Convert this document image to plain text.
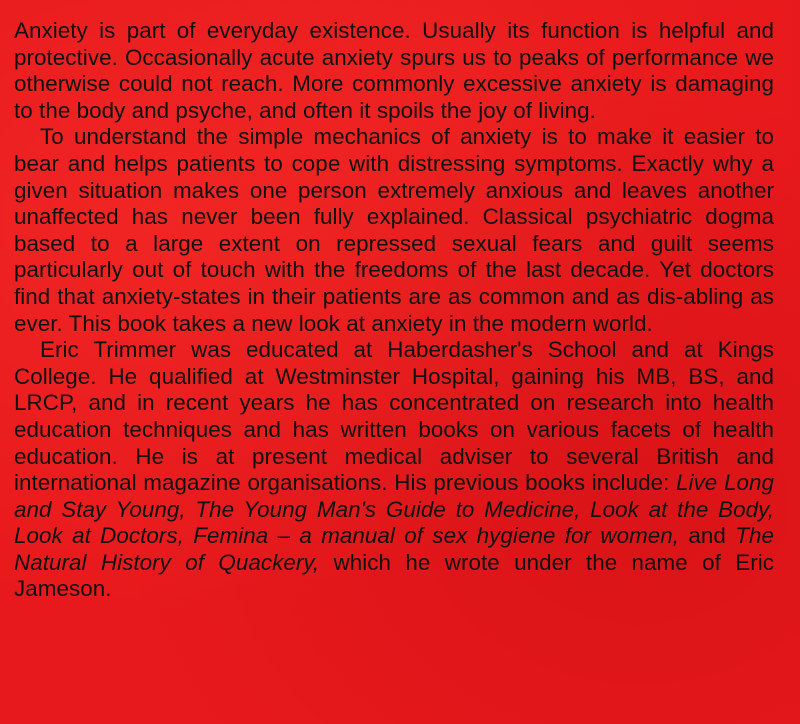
Anxiety is part of everyday existence. Usually its function is helpful and protective. Occasionally acute anxiety spurs us to peaks of performance we otherwise could not reach. More commonly excessive anxiety is damaging to the body and psyche, and often it spoils the joy of living.

To understand the simple mechanics of anxiety is to make it easier to bear and helps patients to cope with distressing symptoms. Exactly why a given situation makes one person extremely anxious and leaves another unaffected has never been fully explained. Classical psychiatric dogma based to a large extent on repressed sexual fears and guilt seems particularly out of touch with the freedoms of the last decade. Yet doctors find that anxiety-states in their patients are as common and as dis-abling as ever. This book takes a new look at anxiety in the modern world.

Eric Trimmer was educated at Haberdasher's School and at Kings College. He qualified at Westminster Hospital, gaining his MB, BS, and LRCP, and in recent years he has concentrated on research into health education techniques and has written books on various facets of health education. He is at present medical adviser to several British and international magazine organisations. His previous books include: Live Long and Stay Young, The Young Man's Guide to Medicine, Look at the Body, Look at Doctors, Femina – a manual of sex hygiene for women, and The Natural History of Quackery, which he wrote under the name of Eric Jameson.
